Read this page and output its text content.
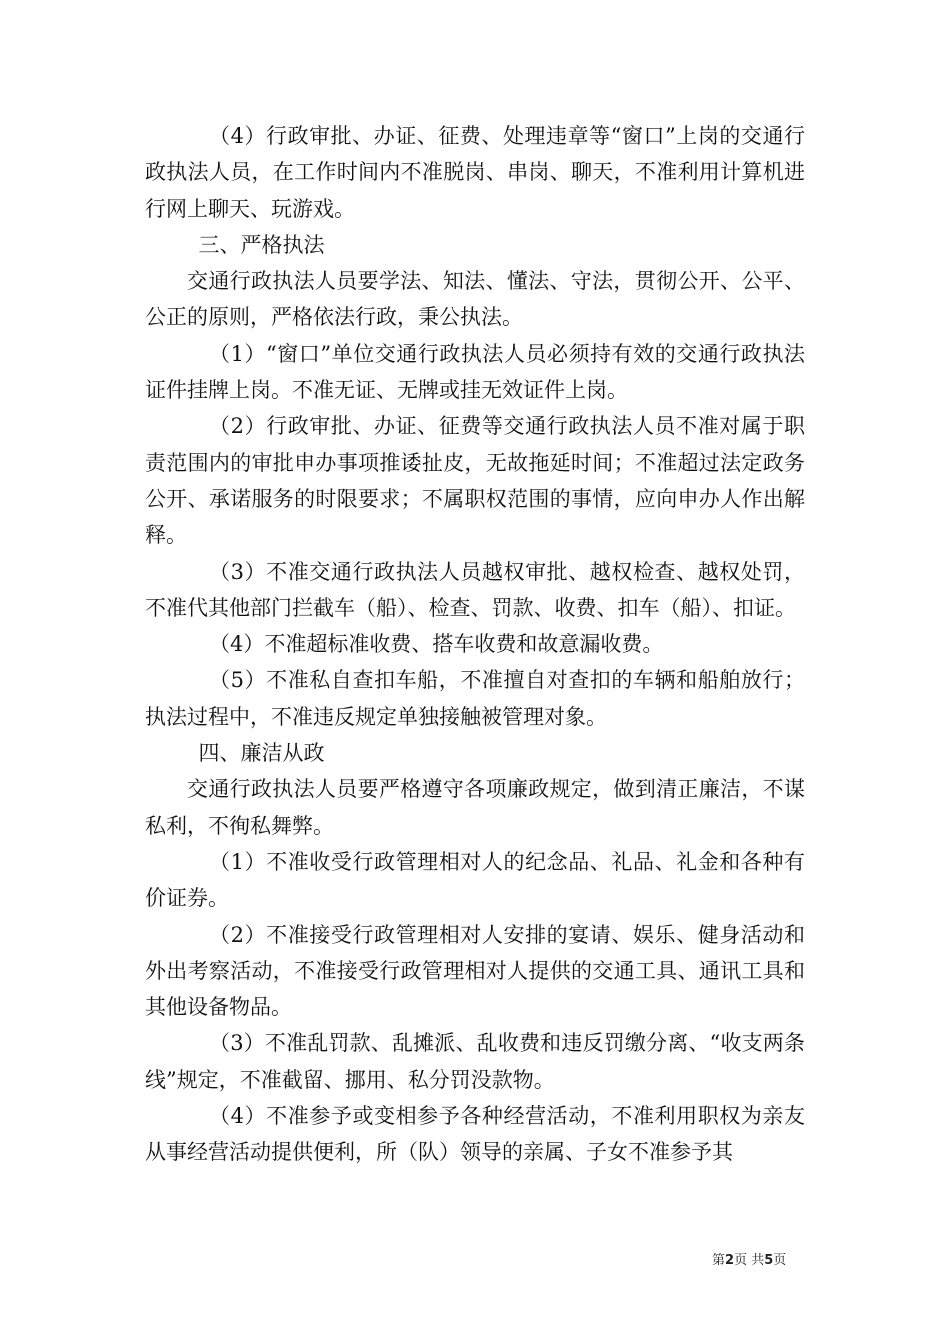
（4）行政审批、办证、征费、处理违章等“窗口”上岗的交通行政执法人员，在工作时间内不准脱岗、串岗、聊天，不准利用计算机进行网上聊天、玩游戏。

三、严格执法

交通行政执法人员要学法、知法、懂法、守法，贯彻公开、公平、公正的原则，严格依法行政，秉公执法。

（1）“窗口”单位交通行政执法人员必须持有效的交通行政执法证件挂牌上岗。不准无证、无牌或挂无效证件上岗。

（2）行政审批、办证、征费等交通行政执法人员不准对属于职责范围内的审批申办事项推诿扯皮，无故拖延时间；不准超过法定政务公开、承诺服务的时限要求；不属职权范围的事情，应向申办人作出解释。

（3）不准交通行政执法人员越权审批、越权检查、越权处罚，不准代其他部门拦截车（船）、检查、罚款、收费、扣车（船）、扣证。

（4）不准超标准收费、搭车收费和故意漏收费。

（5）不准私自查扣车船，不准擅自对查扣的车辆和船舶放行；执法过程中，不准违反规定单独接触被管理对象。

四、廉洁从政

交通行政执法人员要严格遵守各项廉政规定，做到清正廉洁，不谋私利，不徇私舞弊。

（1）不准收受行政管理相对人的纪念品、礼品、礼金和各种有价证券。

（2）不准接受行政管理相对人安排的宴请、娱乐、健身活动和外出考察活动，不准接受行政管理相对人提供的交通工具、通讯工具和其他设备物品。

（3）不准乱罚款、乱摊派、乱收费和违反罚缴分离、“收支两条线”规定，不准截留、挪用、私分罚没款物。

（4）不准参予或变相参予各种经营活动，不准利用职权为亲友从事经营活动提供便利，所（队）领导的亲属、子女不准参予其

第2页 共5页
